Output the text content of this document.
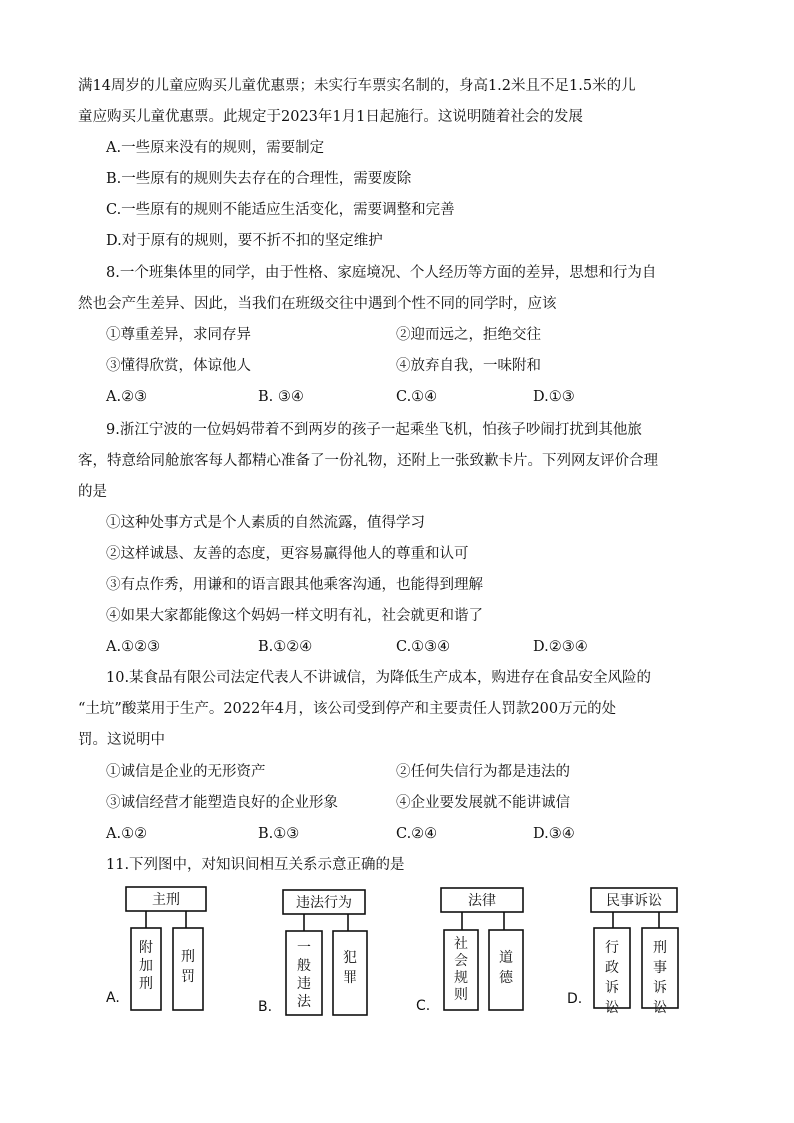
满14周岁的儿童应购买儿童优惠票；未实行车票实名制的，身高1.2米且不足1.5米的儿
童应购买儿童优惠票。此规定于2023年1月1日起施行。这说明随着社会的发展
A.一些原来没有的规则，需要制定
B.一些原有的规则失去存在的合理性，需要废除
C.一些原有的规则不能适应生活变化，需要调整和完善
D.对于原有的规则，要不折不扣的坚定维护
8.一个班集体里的同学，由于性格、家庭境况、个人经历等方面的差异，思想和行为自
然也会产生差异、因此，当我们在班级交往中遇到个性不同的同学时，应该
①尊重差异，求同存异	②迎而远之，拒绝交往
③懂得欣赏，体谅他人	④放弃自我，一味附和
A.②③	B. ③④	C.①④	D.①③
9.浙江宁波的一位妈妈带着不到两岁的孩子一起乘坐飞机，怕孩子吵闹打扰到其他旅
客，特意给同舱旅客每人都精心准备了一份礼物，还附上一张致歉卡片。下列网友评价合理
的是
①这种处事方式是个人素质的自然流露，值得学习
②这样诚恳、友善的态度，更容易赢得他人的尊重和认可
③有点作秀，用谦和的语言跟其他乘客沟通，也能得到理解
④如果大家都能像这个妈妈一样文明有礼，社会就更和谐了
A.①②③	B.①②④	C.①③④	D.②③④
10.某食品有限公司法定代表人不讲诚信，为降低生产成本，购进存在食品安全风险的
“土坑”酸菜用于生产。2022年4月，该公司受到停产和主要责任人罚款200万元的处
罚。这说明中
①诚信是企业的无形资产	②任何失信行为都是违法的
③诚信经营才能塑造良好的企业形象	④企业要发展就不能讲诚信
A.①②	B.①③	C.②④	D.③④
11.下列图中，对知识间相互关系示意正确的是
主刑
附加刑
刑罚
A.
违法行为
一般违法
犯罪
B.
法律
社会规则
道德
C.
民事诉讼
行政诉讼
刑事诉讼
D.
